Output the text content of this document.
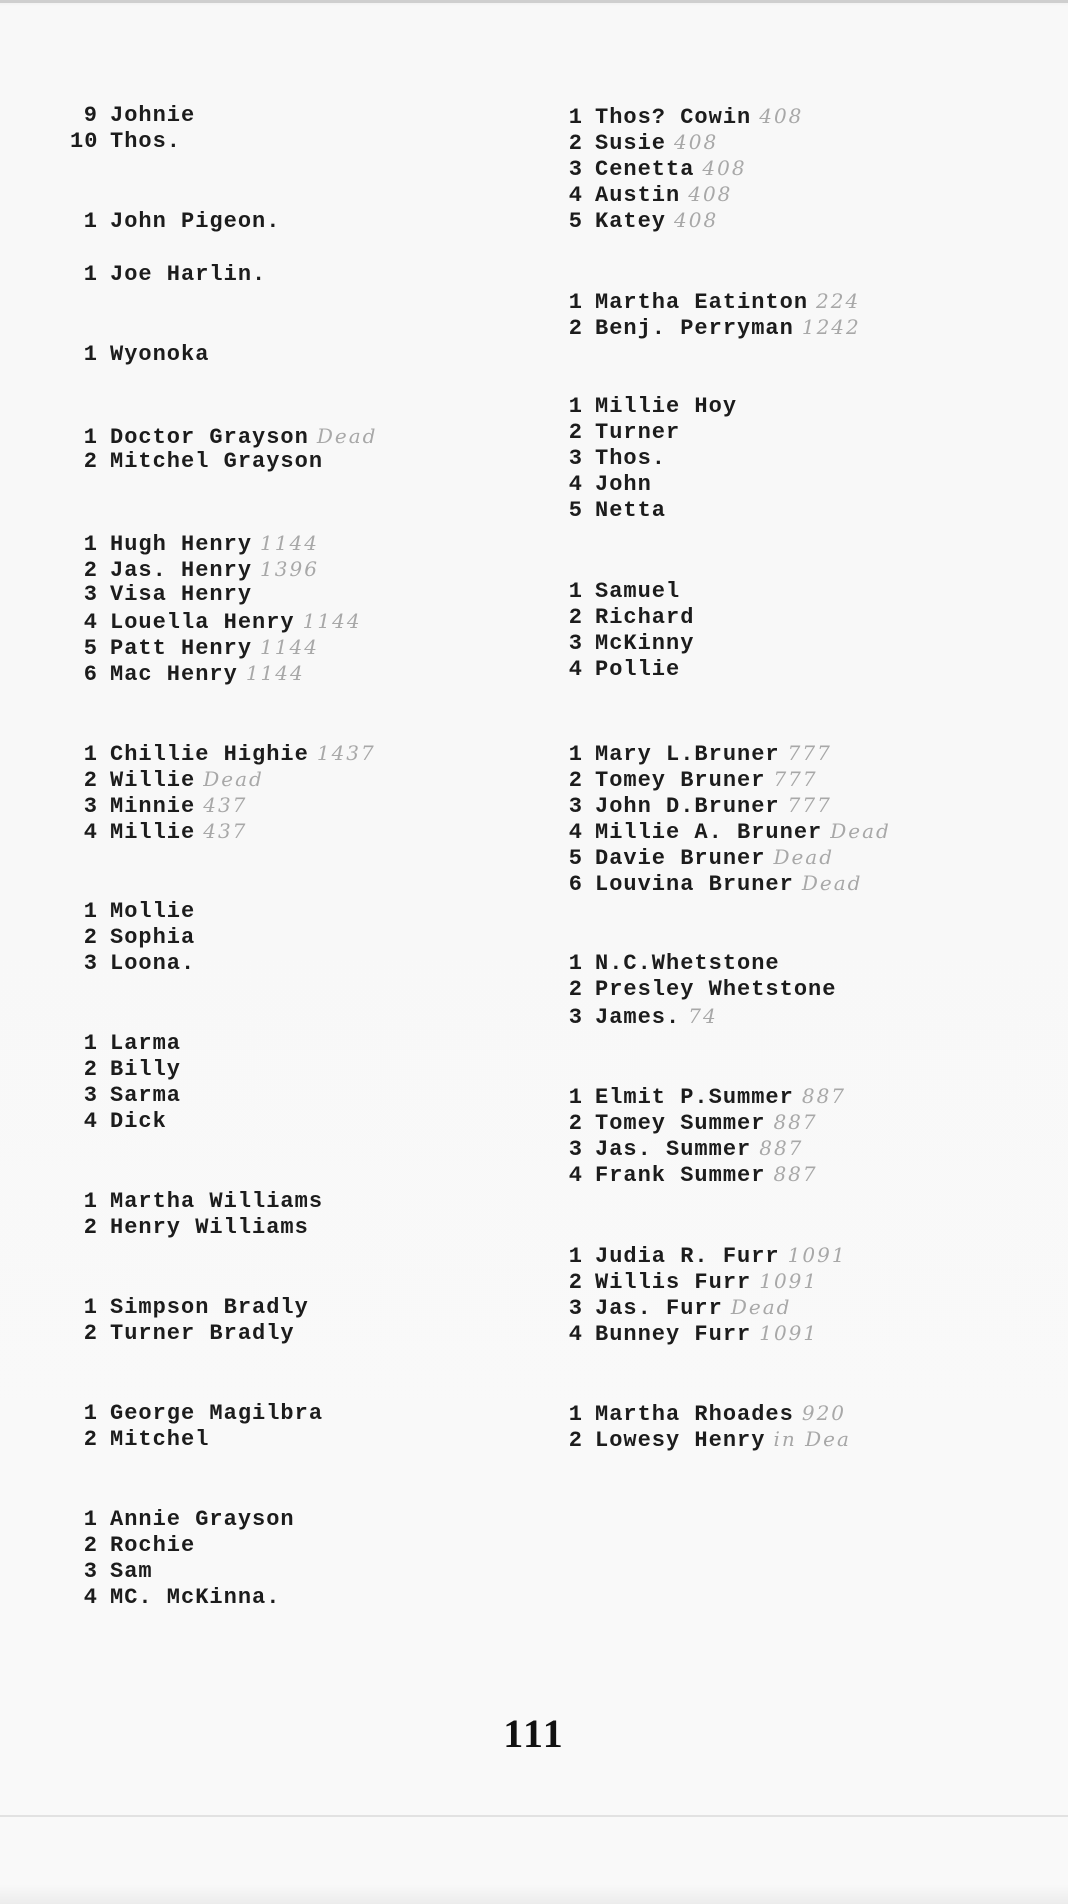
9 Johnie
10 Thos.
1 John Pigeon.
1 Joe Harlin.
1 Wyonoka
1 Doctor Grayson Dead
2 Mitchel Grayson
1 Hugh Henry 1144
2 Jas. Henry 1396
3 Visa Henry
4 Louella Henry 1144
5 Patt Henry 1144
6 Mac Henry 1144
1 Chillie Highie 1437
2 Willie Dead
3 Minnie 437
4 Millie 437
1 Mollie
2 Sophia
3 Loona.
1 Larma
2 Billy
3 Sarma
4 Dick
1 Martha Williams
2 Henry Williams
1 Simpson Bradly
2 Turner Bradly
1 George Magilbra
2 Mitchel
1 Annie Grayson
2 Rochie
3 Sam
4 MC. McKinna.
1 Thos? Cowin 408
2 Susie 408
3 Cenetta 408
4 Austin 408
5 Katey 408
1 Martha Eatinton 224
2 Benj. Perryman 1242
1 Millie Hoy
2 Turner
3 Thos.
4 John
5 Netta
1 Samuel
2 Richard
3 McKinny
4 Pollie
1 Mary L.Bruner 777
2 Tomey Bruner 777
3 John D.Bruner 777
4 Millie A. Bruner Dead
5 Davie Bruner Dead
6 Louvina Bruner Dead
1 N.C.Whetstone
2 Presley Whetstone
3 James. 74
1 Elmit P.Summer 887
2 Tomey Summer 887
3 Jas. Summer 887
4 Frank Summer 887
1 Judia R. Furr 1091
2 Willis Furr 1091
3 Jas. Furr Dead
4 Bunney Furr 1091
1 Martha Rhoades 920
2 Lowesy Henry in Dea
111
